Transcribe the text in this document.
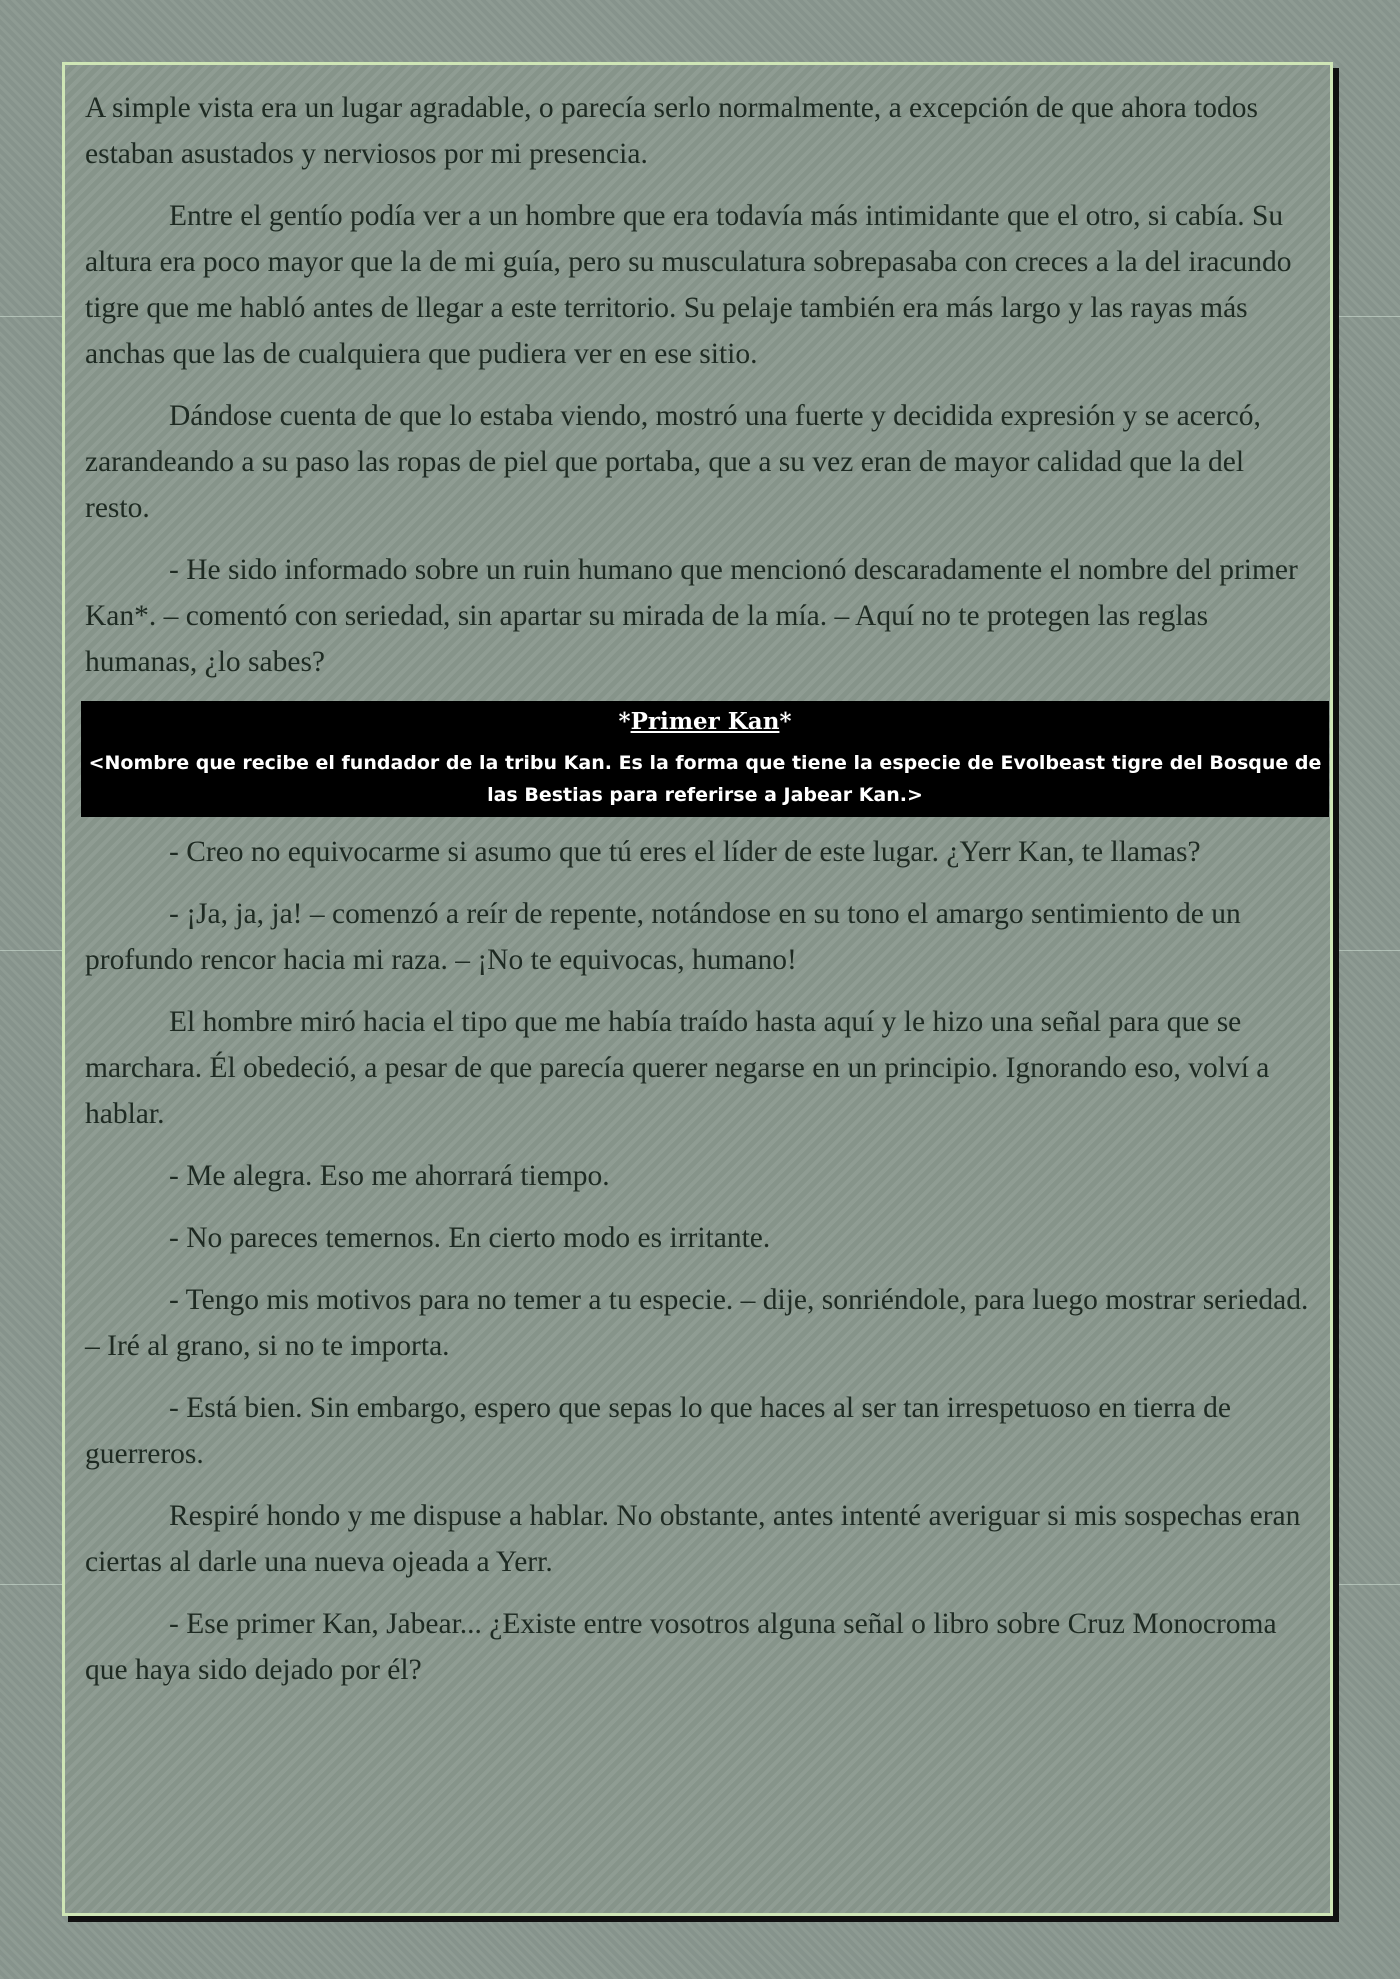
A simple vista era un lugar agradable, o parecía serlo normalmente, a excepción de que ahora todos estaban asustados y nerviosos por mi presencia.

Entre el gentío podía ver a un hombre que era todavía más intimidante que el otro, si cabía. Su altura era poco mayor que la de mi guía, pero su musculatura sobrepasaba con creces a la del iracundo tigre que me habló antes de llegar a este territorio. Su pelaje también era más largo y las rayas más anchas que las de cualquiera que pudiera ver en ese sitio.

Dándose cuenta de que lo estaba viendo, mostró una fuerte y decidida expresión y se acercó, zarandeando a su paso las ropas de piel que portaba, que a su vez eran de mayor calidad que la del resto.

- He sido informado sobre un ruin humano que mencionó descaradamente el nombre del primer Kan*. – comentó con seriedad, sin apartar su mirada de la mía. – Aquí no te protegen las reglas humanas, ¿lo sabes?

*Primer Kan*
<Nombre que recibe el fundador de la tribu Kan. Es la forma que tiene la especie de Evolbeast tigre del Bosque de las Bestias para referirse a Jabear Kan.>

- Creo no equivocarme si asumo que tú eres el líder de este lugar. ¿Yerr Kan, te llamas?

- ¡Ja, ja, ja! – comenzó a reír de repente, notándose en su tono el amargo sentimiento de un profundo rencor hacia mi raza. – ¡No te equivocas, humano!

El hombre miró hacia el tipo que me había traído hasta aquí y le hizo una señal para que se marchara. Él obedeció, a pesar de que parecía querer negarse en un principio. Ignorando eso, volví a hablar.

- Me alegra. Eso me ahorrará tiempo.

- No pareces temernos. En cierto modo es irritante.

- Tengo mis motivos para no temer a tu especie. – dije, sonriéndole, para luego mostrar seriedad. – Iré al grano, si no te importa.

- Está bien. Sin embargo, espero que sepas lo que haces al ser tan irrespetuoso en tierra de guerreros.

Respiré hondo y me dispuse a hablar. No obstante, antes intenté averiguar si mis sospechas eran ciertas al darle una nueva ojeada a Yerr.

- Ese primer Kan, Jabear... ¿Existe entre vosotros alguna señal o libro sobre Cruz Monocroma que haya sido dejado por él?
